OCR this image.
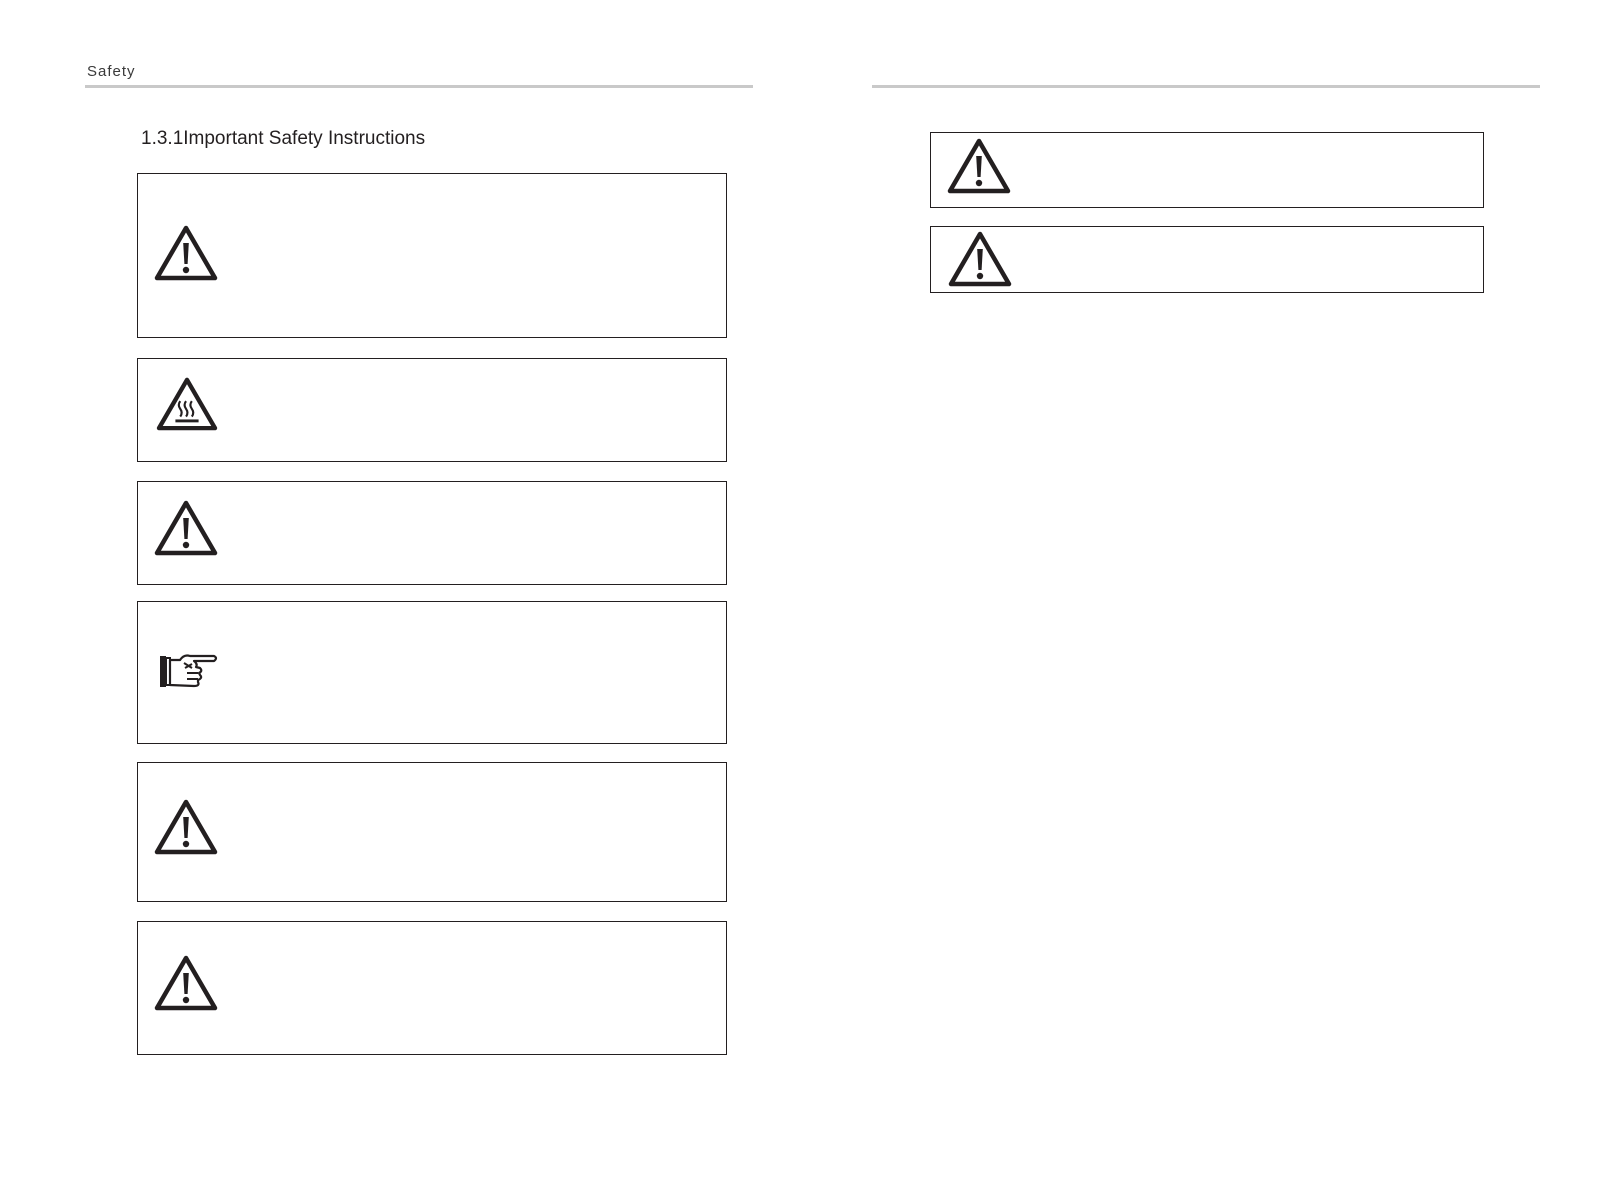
Safety
1.3.1Important Safety Instructions
